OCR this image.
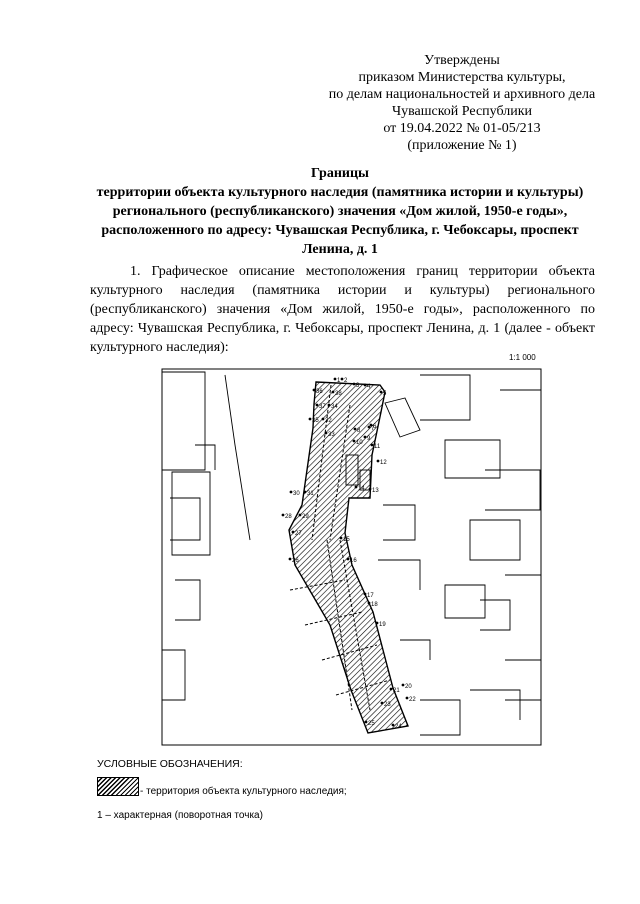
Утверждены
приказом Министерства культуры,
по делам национальностей и архивного дела
Чувашской Республики
от 19.04.2022 № 01-05/213
(приложение № 1)
Границы
территории объекта культурного наследия (памятника истории и культуры)
регионального (республиканского) значения «Дом жилой, 1950-е годы»,
расположенного по адресу: Чувашская Республика, г. Чебоксары, проспект
Ленина, д. 1
1. Графическое описание местоположения границ территории объекта культурного наследия (памятника истории и культуры) регионального (республиканского) значения «Дом жилой, 1950-е годы», расположенного по адресу: Чувашская Республика, г. Чебоксары, проспект Ленина, д. 1 (далее - объект культурного наследия):
1:1 000
1 2
3 4
5
6
7
8
9
10
11
12
13
14
15
16
17
18
19
20
21
22
23
24
25
26
27
28 29
30 31
32
33
34
35
36
37
38
УСЛОВНЫЕ ОБОЗНАЧЕНИЯ:
- территория объекта культурного наследия;
1 – характерная (поворотная точка)
